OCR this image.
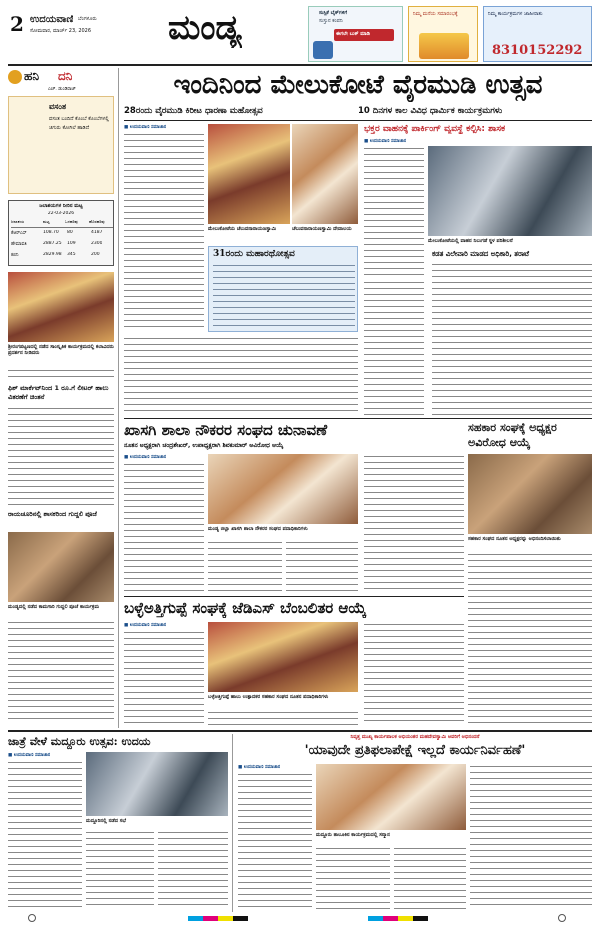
2 ಉದಯವಾಣಿ ಬೆಂಗಳೂರು
ಸೋಮವಾರ, ಮಾರ್ಚ್ 23, 2026 ಮಂಡ್ಯ	ಸುಸ್ಸಿಕೆ ಬೈಕ್‌ಗಳಿಗೆ
ಸುಸ್ತುನ ಕಂಪನಿ
ಈಗಲೇ ಬುಕ್ ಮಾಡಿ
ನಿಮ್ಮ ಮನೆಯ ಸಮಾರಂಭಕ್ಕೆ	ನಿಮ್ಮ ಕಾರ್ಯಕ್ರಮಗಳ ಜಾಹೀರಾತು
8310152292
ಹನಿ ದನಿ
ಎಚ್. ಡುಂಡಿರಾಜ್
ವಸಂತ
ವಸಂತ ಬಂದಿದೆ ಕೊಂಬೆ ಕೊಂಬೆಗಳಲ್ಲಿ ಚಿಗುರು ಕೋಗಿಲೆ ಹಾಡಿದೆ
ಜಲಾಶಯಗಳ ನೀರಿನ ಮಟ್ಟ
22-03-2026
ಜಲಾಶಯ	ಮಟ್ಟ	ಒಳಹರಿವು	ಹೊರಹರಿವು
ಕೆಆರ್‌ಎಸ್	108.70 80	4187
ಹೇಮಾವತಿ	2887.25 109	2300
ಕಬಿನಿ	2829.98 345	200
ಶ್ರೀರಂಗಪಟ್ಟಣದಲ್ಲಿ ನಡೆದ ಸಾಂಸ್ಕೃತಿಕ ಕಾರ್ಯಕ್ರಮದಲ್ಲಿ ಕಲಾವಿದರು ಪ್ರದರ್ಶನ ನೀಡಿದರು
ಫಿಶ್ ಮಾರ್ಕೆಟ್‌ನಿಂದ 1 ರೂ.ಗೆ ಲೀಟರ್ ಹಾಲು ವಿತರಣೆಗೆ ಚಿಂತನೆ
ರಾಯಚೂರಿನಲ್ಲಿ ಶಾಸಕರಿಂದ ಗುದ್ದಲಿ ಪೂಜೆ
ಮಂಡ್ಯದಲ್ಲಿ ನಡೆದ ಕಾಮಗಾರಿ ಗುದ್ದಲಿ ಪೂಜೆ ಕಾರ್ಯಕ್ರಮ
ಇಂದಿನಿಂದ ಮೇಲುಕೋಟೆ ವೈರಮುಡಿ ಉತ್ಸವ
28ರಂದು ವೈರಮುಡಿ ಕಿರೀಟ ಧಾರಣಾ ಮಹೋತ್ಸವ	10 ದಿನಗಳ ಕಾಲ ವಿವಿಧ ಧಾರ್ಮಿಕ ಕಾರ್ಯಕ್ರಮಗಳು
■ ಉದಯವಾಣಿ ಸಮಾಚಾರ
ಮೇಲುಕೋಟೆಯ ಚೆಲುವನಾರಾಯಣಸ್ವಾಮಿ	ಚೆಲುವನಾರಾಯಣಸ್ವಾಮಿ ದೇವಾಲಯ
31ರಂದು ಮಹಾರಥೋತ್ಸವ
ಭಕ್ತರ ವಾಹನಕ್ಕೆ ಪಾರ್ಕಿಂಗ್ ವ್ಯವಸ್ಥೆ ಕಲ್ಪಿಸಿ: ಶಾಸಕ
■ ಉದಯವಾಣಿ ಸಮಾಚಾರ
ಮೇಲುಕೋಟೆಯಲ್ಲಿ ವಾಹನ ನಿಲುಗಡೆ ಸ್ಥಳ ಪರಿಶೀಲನೆ
ಕಡತ ವಿಲೇವಾರಿ ಮಾಡದ ಅಧಿಕಾರಿ, ತರಾಟೆ
ಖಾಸಗಿ ಶಾಲಾ ನೌಕರರ ಸಂಘದ ಚುನಾವಣೆ
ನೂತನ ಅಧ್ಯಕ್ಷರಾಗಿ ಚಂದ್ರಶೇಖರ್, ಉಪಾಧ್ಯಕ್ಷರಾಗಿ ಶಿವಕುಮಾರ್ ಅವಿರೋಧ ಆಯ್ಕೆ
■ ಉದಯವಾಣಿ ಸಮಾಚಾರ
ಮಂಡ್ಯ ಜಿಲ್ಲಾ ಖಾಸಗಿ ಶಾಲಾ ನೌಕರರ ಸಂಘದ ಪದಾಧಿಕಾರಿಗಳು
ಸಹಕಾರ ಸಂಘಕ್ಕೆ ಅಧ್ಯಕ್ಷರ ಅವಿರೋಧ ಆಯ್ಕೆ
ಸಹಕಾರ ಸಂಘದ ನೂತನ ಅಧ್ಯಕ್ಷರನ್ನು ಅಭಿನಂದಿಸಲಾಯಿತು
ಬಳ್ಳೆಅತ್ತಿಗುಪ್ಪೆ ಸಂಘಕ್ಕೆ ಜೆಡಿಎಸ್ ಬೆಂಬಲಿತರ ಆಯ್ಕೆ
■ ಉದಯವಾಣಿ ಸಮಾಚಾರ
ಬಳ್ಳೆಅತ್ತಿಗುಪ್ಪೆ ಹಾಲು ಉತ್ಪಾದಕರ ಸಹಕಾರ ಸಂಘದ ನೂತನ ಪದಾಧಿಕಾರಿಗಳು
ಜಾತ್ರೆ ವೇಳೆ ಮದ್ದೂರು ಉತ್ಸವ: ಉದಯ
■ ಉದಯವಾಣಿ ಸಮಾಚಾರ
ಮದ್ದೂರಿನಲ್ಲಿ ನಡೆದ ಸಭೆ
ನಿವೃತ್ತ ಮುಖ್ಯ ಕಾರ್ಯಪಾಲಕ ಅಭಿಯಂತರ ಮಹದೇವಸ್ವಾಮಿ ಅವರಿಗೆ ಅಭಿನಂದನೆ
'ಯಾವುದೇ ಪ್ರತಿಫಲಾಪೇಕ್ಷೆ ಇಲ್ಲದೆ ಕಾರ್ಯನಿರ್ವಹಣೆ'
■ ಉದಯವಾಣಿ ಸಮಾಚಾರ
ಮದ್ದೂರು ತಾಲೂಕಿನ ಕಾರ್ಯಕ್ರಮದಲ್ಲಿ ಸನ್ಮಾನ
